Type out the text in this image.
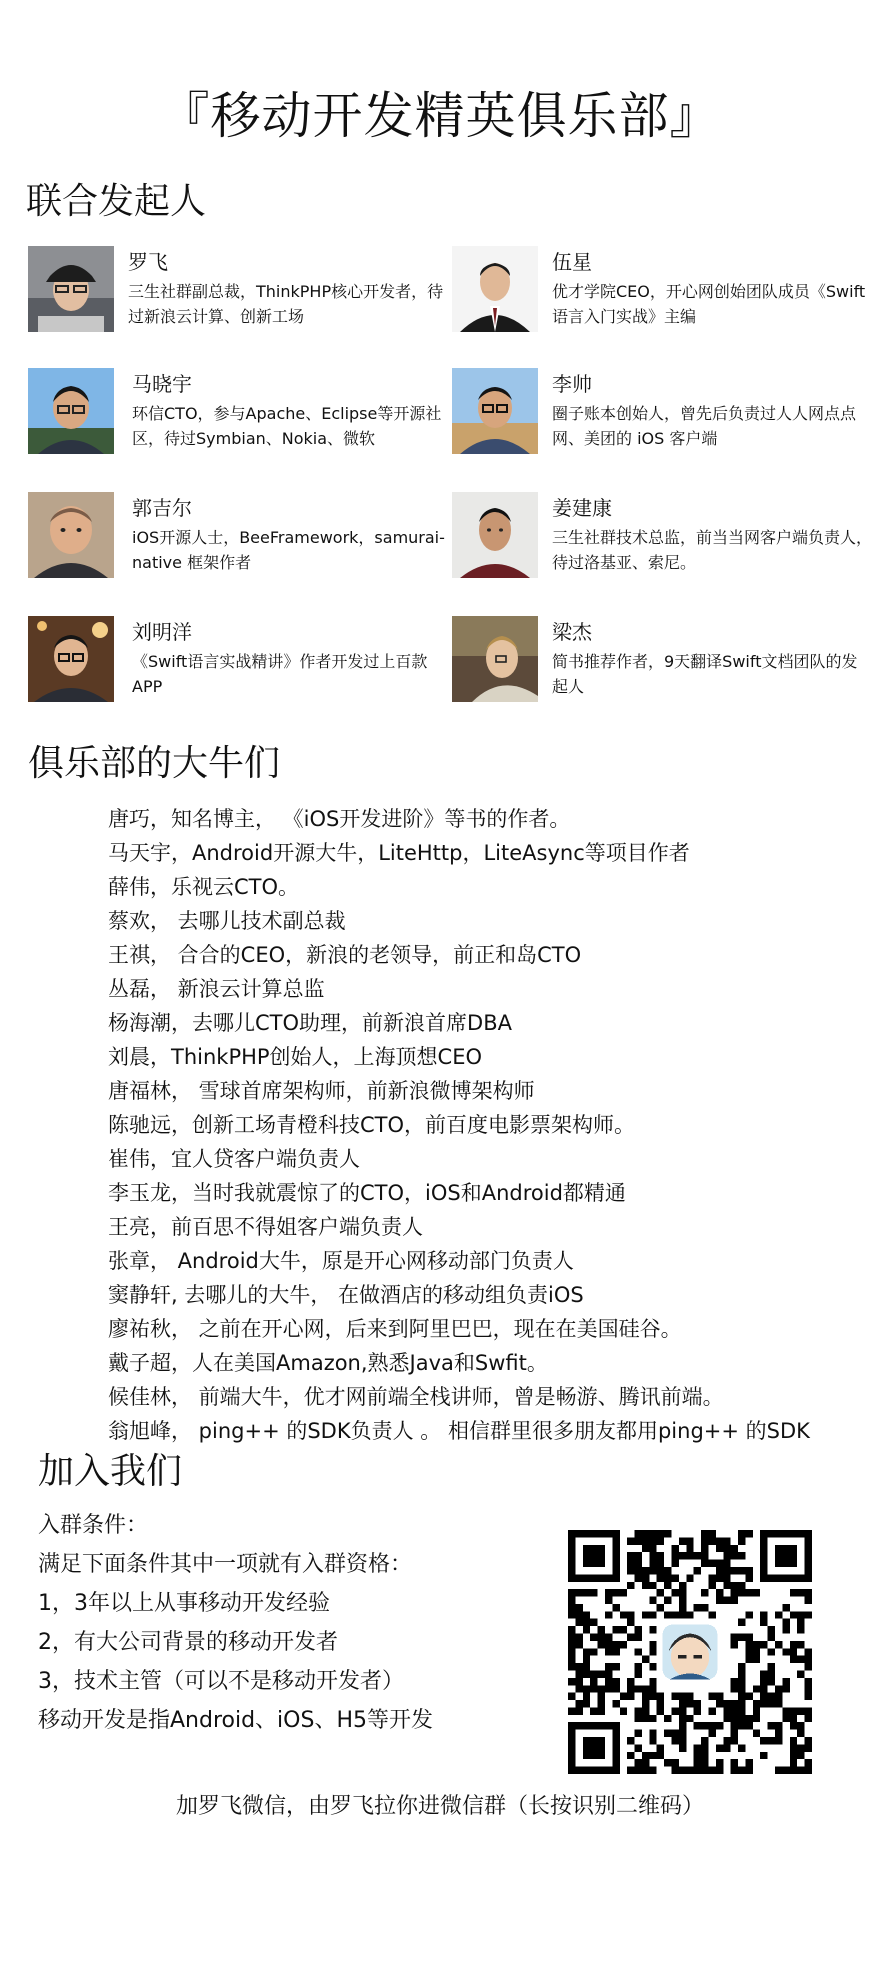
『移动开发精英俱乐部』
联合发起人
罗飞
三生社群副总裁，ThinkPHP核心开发者，待过新浪云计算、创新工场
伍星
优才学院CEO，开心网创始团队成员《Swift语言入门实战》主编
马晓宇
环信CTO，参与Apache、Eclipse等开源社区，待过Symbian、Nokia、微软
李帅
圈子账本创始人，曾先后负责过人人网点点网、美团的 iOS 客户端
郭吉尔
iOS开源人士，BeeFramework，samurai-native 框架作者
姜建康
三生社群技术总监，前当当网客户端负责人，待过洛基亚、索尼。
刘明洋
《Swift语言实战精讲》作者开发过上百款APP
梁杰
简书推荐作者，9天翻译Swift文档团队的发起人
俱乐部的大牛们
唐巧，知名博主， 《iOS开发进阶》等书的作者。
马天宇，Android开源大牛，LiteHttp，LiteAsync等项目作者
薛伟，乐视云CTO。
蔡欢， 去哪儿技术副总裁
王祺， 合合的CEO，新浪的老领导，前正和岛CTO
丛磊， 新浪云计算总监
杨海潮，去哪儿CTO助理，前新浪首席DBA
刘晨，ThinkPHP创始人，上海顶想CEO
唐福林， 雪球首席架构师，前新浪微博架构师
陈驰远，创新工场青橙科技CTO，前百度电影票架构师。
崔伟，宜人贷客户端负责人
李玉龙，当时我就震惊了的CTO，iOS和Android都精通
王亮，前百思不得姐客户端负责人
张章， Android大牛，原是开心网移动部门负责人
窦静轩, 去哪儿的大牛， 在做酒店的移动组负责iOS
廖祐秋， 之前在开心网，后来到阿里巴巴，现在在美国硅谷。
戴子超，人在美国Amazon,熟悉Java和Swfit。
候佳林， 前端大牛，优才网前端全栈讲师，曾是畅游、腾讯前端。
翁旭峰， ping++ 的SDK负责人 。 相信群里很多朋友都用ping++ 的SDK
加入我们
入群条件：
满足下面条件其中一项就有入群资格：
1，3年以上从事移动开发经验
2，有大公司背景的移动开发者
3，技术主管（可以不是移动开发者）
移动开发是指Android、iOS、H5等开发
加罗飞微信，由罗飞拉你进微信群（长按识别二维码）
